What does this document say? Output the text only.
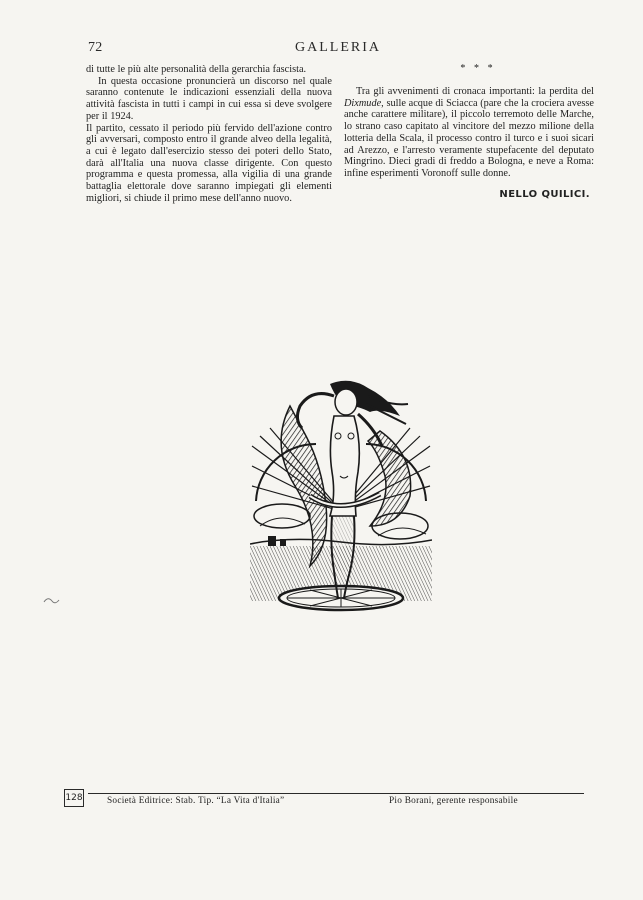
72	GALLERIA

di tutte le più alte personalità della gerarchia fascista.

In questa occasione pronuncierà un discorso nel quale saranno contenute le indicazioni essenziali della nuova attività fascista in tutti i campi in cui essa si deve svolgere per il 1924.

Il partito, cessato il periodo più fervido dell'azione contro gli avversari, composto entro il grande alveo della legalità, a cui è legato dall'esercizio stesso dei poteri dello Stato, darà all'Italia una nuova classe dirigente. Con questo programma e questa promessa, alla vigilia di una grande battaglia elettorale dove saranno impiegati gli elementi migliori, si chiude il primo mese dell'anno nuovo.

* * *

Tra gli avvenimenti di cronaca importanti: la perdita del Dixmude, sulle acque di Sciacca (pare che la crociera avesse anche carattere militare), il piccolo terremoto delle Marche, lo strano caso capitato al vincitore del mezzo milione della lotteria della Scala, il processo contro il turco e i suoi sicari ad Arezzo, e l'arresto veramente stupefacente del deputato Mingrino. Dieci gradi di freddo a Bologna, e neve a Roma: infine esperimenti Voronoff sulle donne.

NELLO QUILICI.
128	Società Editrice: Stab. Tip. “La Vita d'Italia”	Pio Borani, gerente responsabile
